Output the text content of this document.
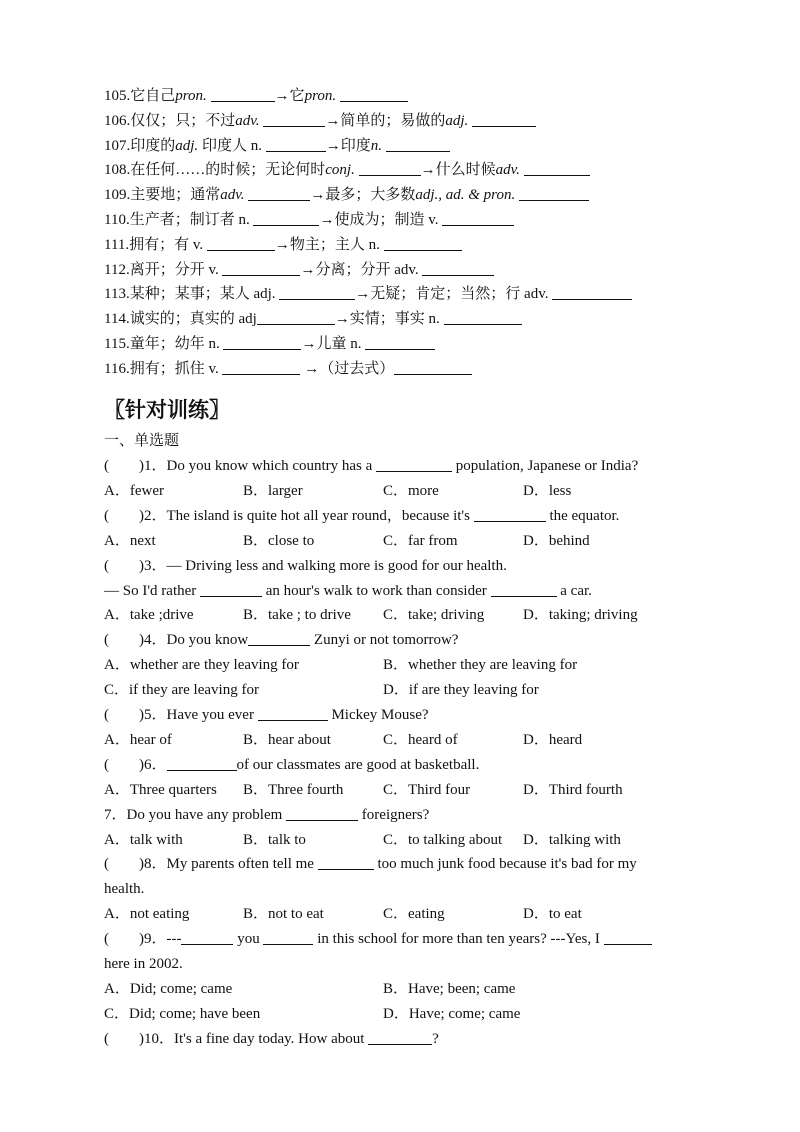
105.它自己pron.	→它pron.
106.仅仅；只；不过adv.	→简单的；易做的adj.
107.印度的adj. 印度人 n.	→印度n.
108.在任何……的时候；无论何时conj.	→什么时候adv.
109.主要地；通常adv.	→最多；大多数adj., ad. & pron.
110.生产者；制订者 n.	→使成为；制造 v.
111.拥有；有 v.	→物主；主人 n.
112.离开；分开 v.	→分离；分开 adv.
113.某种；某事；某人 adj.	→无疑；肯定；当然；行 adv.
114.诚实的；真实的 adj	→实情；事实 n.
115.童年；幼年 n.	→儿童 n.
116.拥有；抓住 v.	→（过去式）
〖针对训练〗
一、单选题
(　　)1．Do you know which country has a	population, Japanese or India?
A．fewer	B．larger	C．more	D．less
(　　)2．The island is quite hot all year round，because it's	the equator.
A．next	B．close to	C．far from	D．behind
(　　)3．— Driving less and walking more is good for our health.
— So I'd rather	an hour's walk to work than consider	a car.
A．take ;drive	B．take ; to drive C．take; driving	D．taking; driving
(　　)4．Do you know	Zunyi or not tomorrow?
A．whether are they leaving for	B．whether they are leaving for
C．if they are leaving for	D．if are they leaving for
(　　)5．Have you ever	Mickey Mouse?
A．hear of	B．hear about	C．heard of	D．heard
(　　)6．	of our classmates are good at basketball.
A．Three quarters B．Three fourth	C．Third four	D．Third fourth
7．Do you have any problem	foreigners?
A．talk with	B．talk to	C．to talking about D．talking with
(　　)8．My parents often tell me	too much junk food because it's bad for my
health.
A．not eating	B．not to eat	C．eating	D．to eat
(　　)9．---	you	in this school for more than ten years? ---Yes, I
here in 2002.
A．Did; come; came	B．Have; been; came
C．Did; come; have been	D．Have; come; came
(　　)10．It's a fine day today. How about	?
